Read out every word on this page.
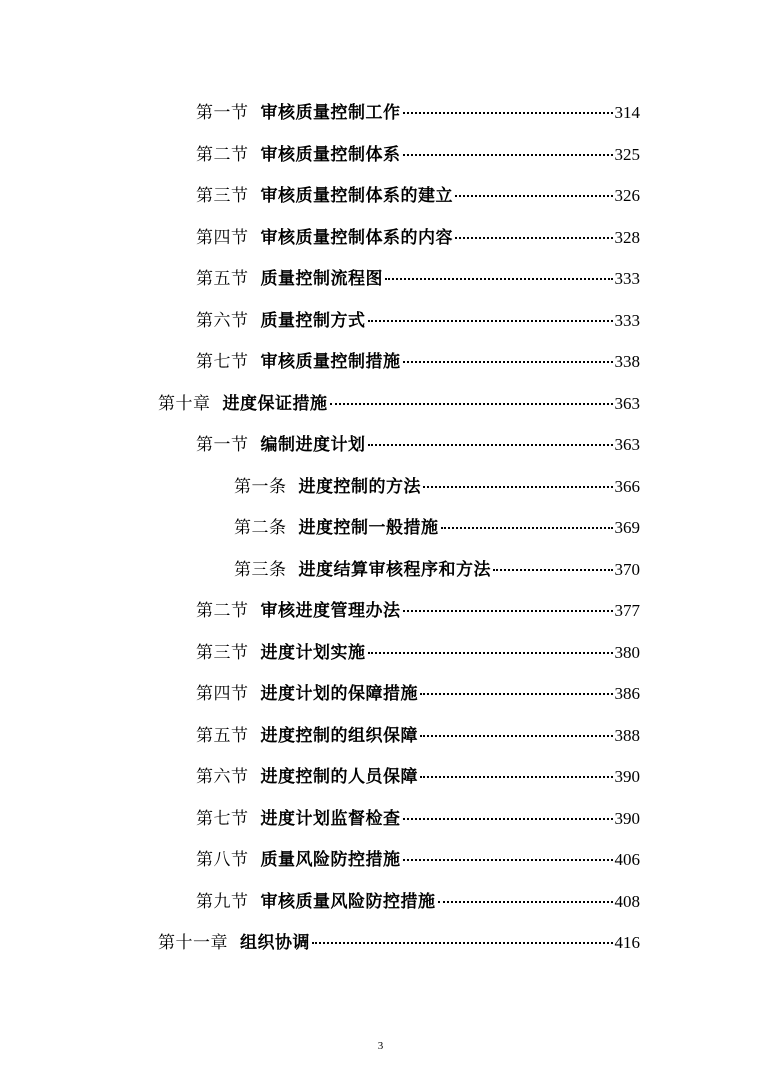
第一节 审核质量控制工作	314
第二节 审核质量控制体系	325
第三节 审核质量控制体系的建立	326
第四节 审核质量控制体系的内容	328
第五节 质量控制流程图	333
第六节 质量控制方式	333
第七节 审核质量控制措施	338
第十章 进度保证措施	363
第一节 编制进度计划	363
第一条 进度控制的方法	366
第二条 进度控制一般措施	369
第三条 进度结算审核程序和方法	370
第二节 审核进度管理办法	377
第三节 进度计划实施	380
第四节 进度计划的保障措施	386
第五节 进度控制的组织保障	388
第六节 进度控制的人员保障	390
第七节 进度计划监督检查	390
第八节 质量风险防控措施	406
第九节 审核质量风险防控措施	408
第十一章 组织协调	416
3
